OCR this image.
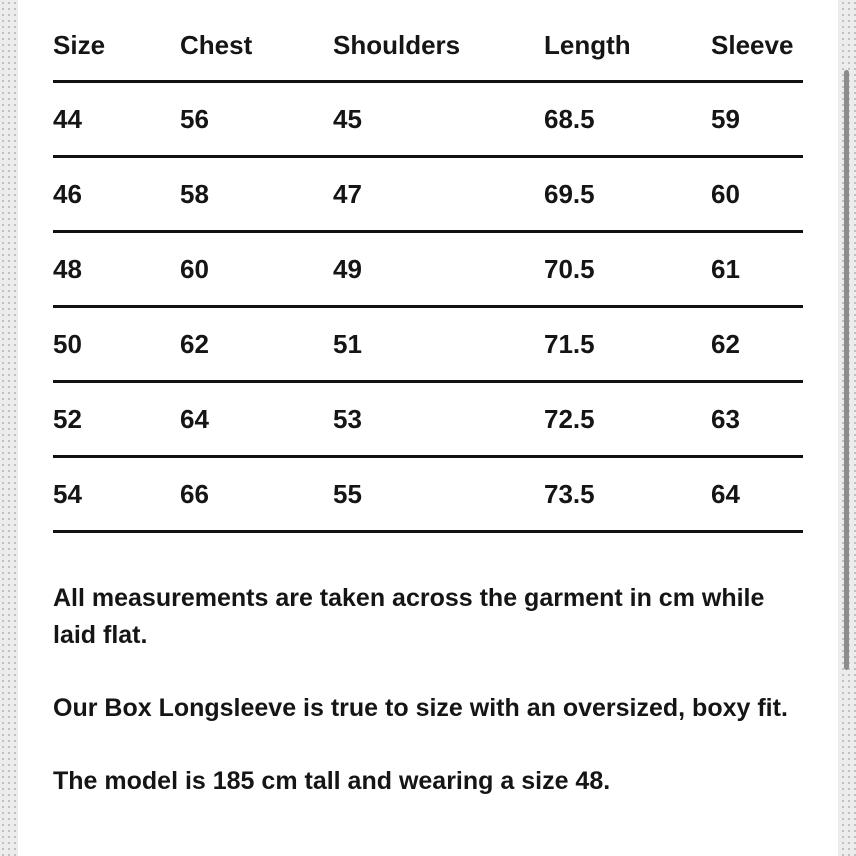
Size	Chest	Shoulders	Length	Sleeve
44	56	45	68.5	59
46	58	47	69.5	60
48	60	49	70.5	61
50	62	51	71.5	62
52	64	53	72.5	63
54	66	55	73.5	64

All measurements are taken across the garment in cm while laid flat.

Our Box Longsleeve is true to size with an oversized, boxy fit.

The model is 185 cm tall and wearing a size 48.
